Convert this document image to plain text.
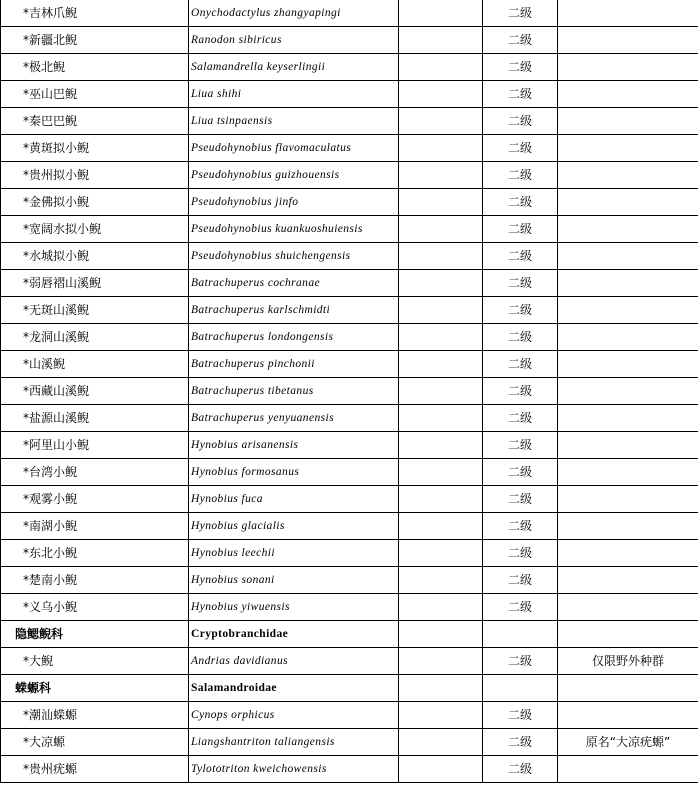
*吉林爪鲵	Onychodactylus zhangyapingi		二级	
*新疆北鲵	Ranodon sibiricus		二级	
*极北鲵	Salamandrella keyserlingii		二级	
*巫山巴鲵	Liua shihi		二级	
*秦巴巴鲵	Liua tsinpaensis		二级	
*黄斑拟小鲵	Pseudohynobius flavomaculatus		二级	
*贵州拟小鲵	Pseudohynobius guizhouensis		二级	
*金佛拟小鲵	Pseudohynobius jinfo		二级	
*宽阔水拟小鲵	Pseudohynobius kuankuoshuiensis		二级	
*水城拟小鲵	Pseudohynobius shuichengensis		二级	
*弱唇褶山溪鲵	Batrachuperus cochranae		二级	
*无斑山溪鲵	Batrachuperus karlschmidti		二级	
*龙洞山溪鲵	Batrachuperus londongensis		二级	
*山溪鲵	Batrachuperus pinchonii		二级	
*西藏山溪鲵	Batrachuperus tibetanus		二级	
*盐源山溪鲵	Batrachuperus yenyuanensis		二级	
*阿里山小鲵	Hynobius arisanensis		二级	
*台湾小鲵	Hynobius formosanus		二级	
*观雾小鲵	Hynobius fuca		二级	
*南湖小鲵	Hynobius glacialis		二级	
*东北小鲵	Hynobius leechii		二级	
*楚南小鲵	Hynobius sonani		二级	
*义乌小鲵	Hynobius yiwuensis		二级	
隐鳃鲵科	Cryptobranchidae			
*大鲵	Andrias davidianus		二级	仅限野外种群
蝾螈科	Salamandroidae			
*潮汕蝾螈	Cynops orphicus		二级	
*大凉螈	Liangshantriton taliangensis		二级	原名“大凉疣螈”
*贵州疣螈	Tylototriton kweichowensis		二级	
